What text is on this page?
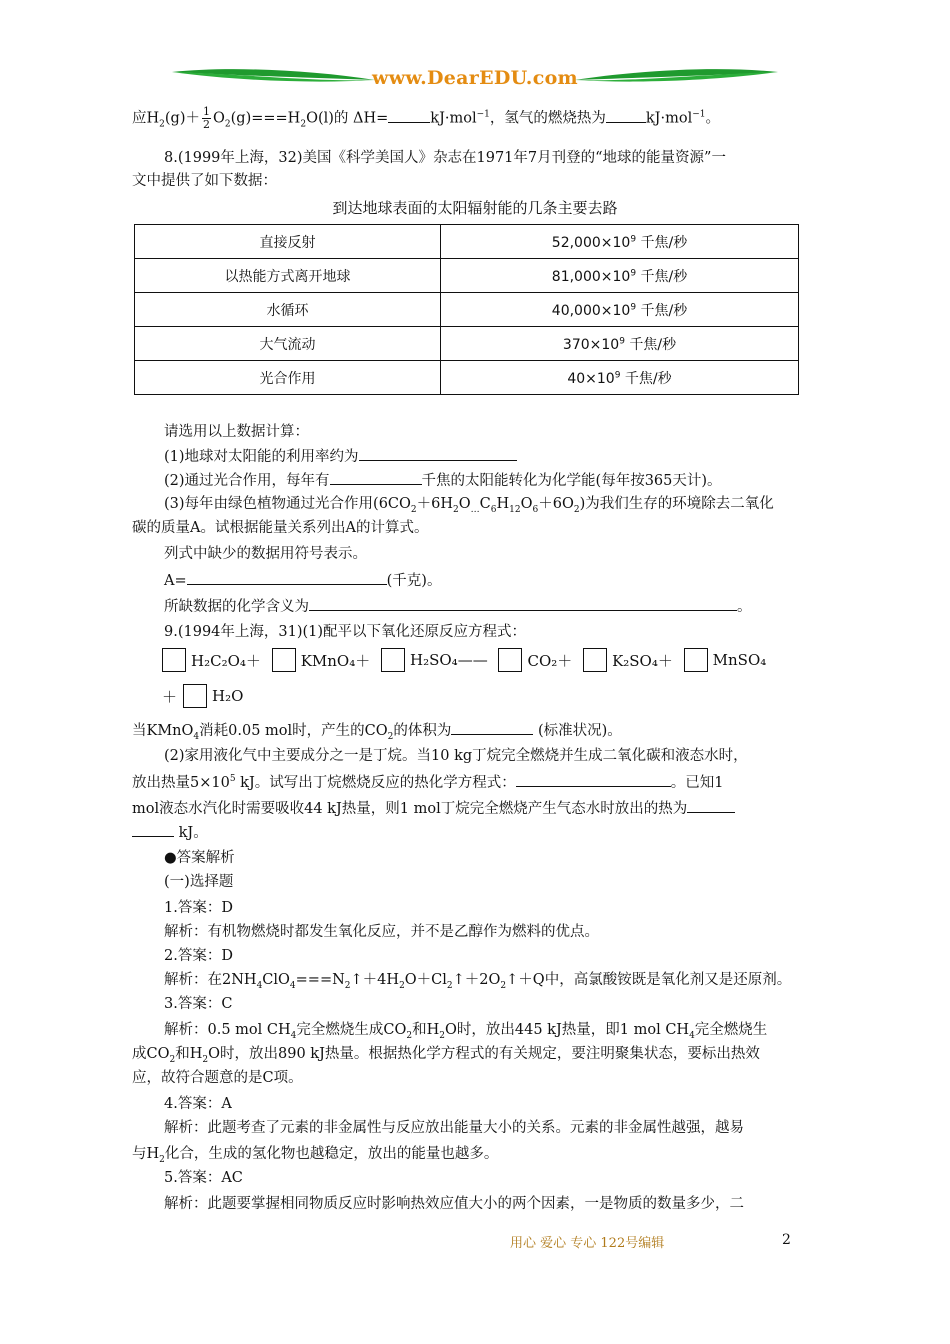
www.DearEDU.com
应$H_2(g)+ \frac{1}{2} O_2(g)===H_2O(l)$的 ΔH=	kJ·mol$^{-1}$，氢气的燃烧热为	kJ·mol$^{-1}$。
8.(1999年上海，32)美国《科学美国人》杂志在1971年7月刊登的“地球的能量资源”一
文中提供了如下数据：
到达地球表面的太阳辐射能的几条主要去路
直接反射	$52,000\times 10^9$ 千焦/秒
以热能方式离开地球	$81,000\times 10^9$ 千焦/秒
水循环	$40,000\times 10^9$ 千焦/秒
大气流动	$370\times 10^9$ 千焦/秒
光合作用	$40\times 10^9$ 千焦/秒
请选用以上数据计算：
(1)地球对太阳能的利用率约为
(2)通过光合作用，每年有	千焦的太阳能转化为化学能(每年按365天计)。
(3)每年由绿色植物通过光合作用$(6CO_2+6H_2O_\dots C_6H_{12}O_6+6O_2)$为我们生存的环境除去二氧化
碳的质量A。试根据能量关系列出A的计算式。
列式中缺少的数据用符号表示。
A=	(千克)。
所缺数据的化学含义为	。
9.(1994年上海，31)(1)配平以下氧化还原反应方程式：
H₂C₂O₄＋	KMnO₄＋	H₂SO₄——	CO₂＋	K₂SO₄＋	MnSO₄
＋ H₂O
当KMnO$_4$消耗0.05 mol时，产生的$CO_2$的体积为	(标准状况)。
(2)家用液化气中主要成分之一是丁烷。当10 kg丁烷完全燃烧并生成二氧化碳和液态水时，
放出热量$5\times 10^5$ kJ。试写出丁烷燃烧反应的热化学方程式：	。已知1
mol液态水汽化时需要吸收44 kJ热量，则1 mol丁烷完全燃烧产生气态水时放出的热为
kJ。
●答案解析
(一)选择题
1.答案：D
解析：有机物燃烧时都发生氧化反应，并不是乙醇作为燃料的优点。
2.答案：D
解析：在$2NH_4ClO_4===N_2↑+4H_2O+Cl_2↑+2O_2↑+Q$中，高氯酸铵既是氧化剂又是还原剂。
3.答案：C
解析：0.5 mol $CH_4$完全燃烧生成$CO_2$和$H_2O$时，放出445 kJ热量，即1 mol $CH_4$完全燃烧生
成$CO_2$和$H_2O$时，放出890 kJ热量。根据热化学方程式的有关规定，要注明聚集状态，要标出热效
应，故符合题意的是C项。
4.答案：A
解析：此题考查了元素的非金属性与反应放出能量大小的关系。元素的非金属性越强，越易
与$H_2$化合，生成的氢化物也越稳定，放出的能量也越多。
5.答案：AC
解析：此题要掌握相同物质反应时影响热效应值大小的两个因素，一是物质的数量多少，二
用心 爱心 专心 122号编辑	2
